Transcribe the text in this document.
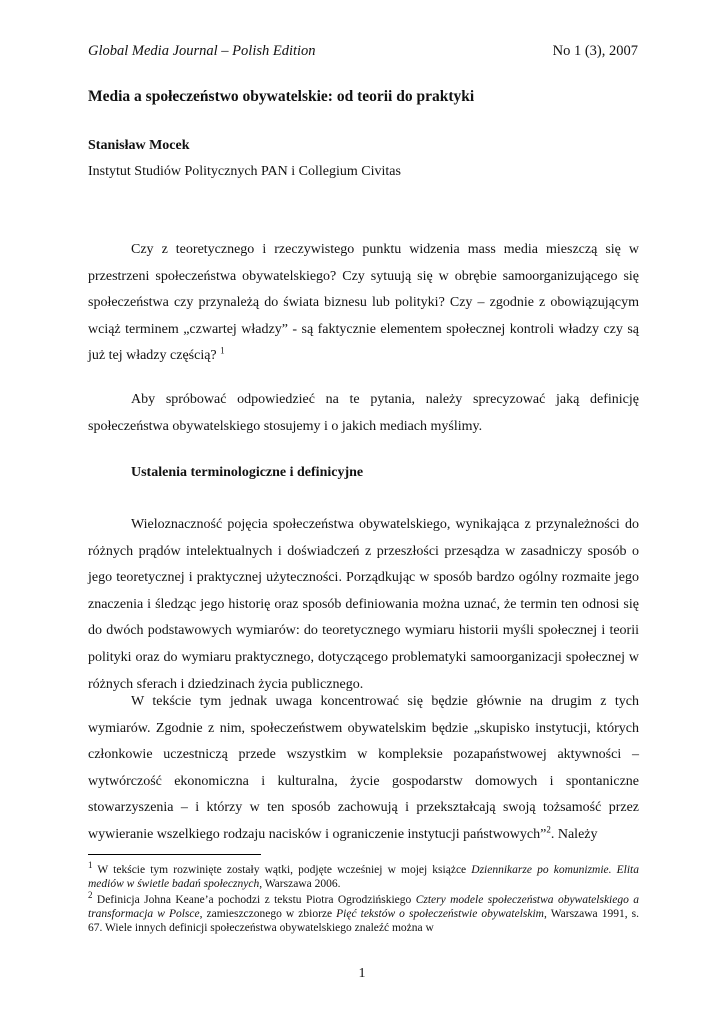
Global Media Journal – Polish Edition	No 1 (3), 2007
Media a społeczeństwo obywatelskie: od teorii do praktyki
Stanisław Mocek
Instytut Studiów Politycznych PAN i Collegium Civitas

Czy z teoretycznego i rzeczywistego punktu widzenia mass media mieszczą się w przestrzeni społeczeństwa obywatelskiego? Czy sytuują się w obrębie samoorganizującego się społeczeństwa czy przynależą do świata biznesu lub polityki? Czy – zgodnie z obowiązującym wciąż terminem „czwartej władzy” - są faktycznie elementem społecznej kontroli władzy czy są już tej władzy częścią? $^1$

Aby spróbować odpowiedzieć na te pytania, należy sprecyzować jaką definicję społeczeństwa obywatelskiego stosujemy i o jakich mediach myślimy.

Ustalenia terminologiczne i definicyjne

Wieloznaczność pojęcia społeczeństwa obywatelskiego, wynikająca z przynależności do różnych prądów intelektualnych i doświadczeń z przeszłości przesądza w zasadniczy sposób o jego teoretycznej i praktycznej użyteczności. Porządkując w sposób bardzo ogólny rozmaite jego znaczenia i śledząc jego historię oraz sposób definiowania można uznać, że termin ten odnosi się do dwóch podstawowych wymiarów: do teoretycznego wymiaru historii myśli społecznej i teorii polityki oraz do wymiaru praktycznego, dotyczącego problematyki samoorganizacji społecznej w różnych sferach i dziedzinach życia publicznego.

W tekście tym jednak uwaga koncentrować się będzie głównie na drugim z tych wymiarów. Zgodnie z nim, społeczeństwem obywatelskim będzie „skupisko instytucji, których członkowie uczestniczą przede wszystkim w kompleksie pozapaństwowej aktywności – wytwórczość ekonomiczna i kulturalna, życie gospodarstw domowych i spontaniczne stowarzyszenia – i którzy w ten sposób zachowują i przekształcają swoją tożsamość przez wywieranie wszelkiego rodzaju nacisków i ograniczenie instytucji państwowych”$^2$. Należy

$^1$ W tekście tym rozwinięte zostały wątki, podjęte wcześniej w mojej książce Dziennikarze po komunizmie. Elita mediów w świetle badań społecznych, Warszawa 2006.

$^2$ Definicja Johna Keane’a pochodzi z tekstu Piotra Ogrodzińskiego Cztery modele społeczeństwa obywatelskiego a transformacja w Polsce, zamieszczonego w zbiorze Pięć tekstów o społeczeństwie obywatelskim, Warszawa 1991, s. 67. Wiele innych definicji społeczeństwa obywatelskiego znaleźć można w

1
